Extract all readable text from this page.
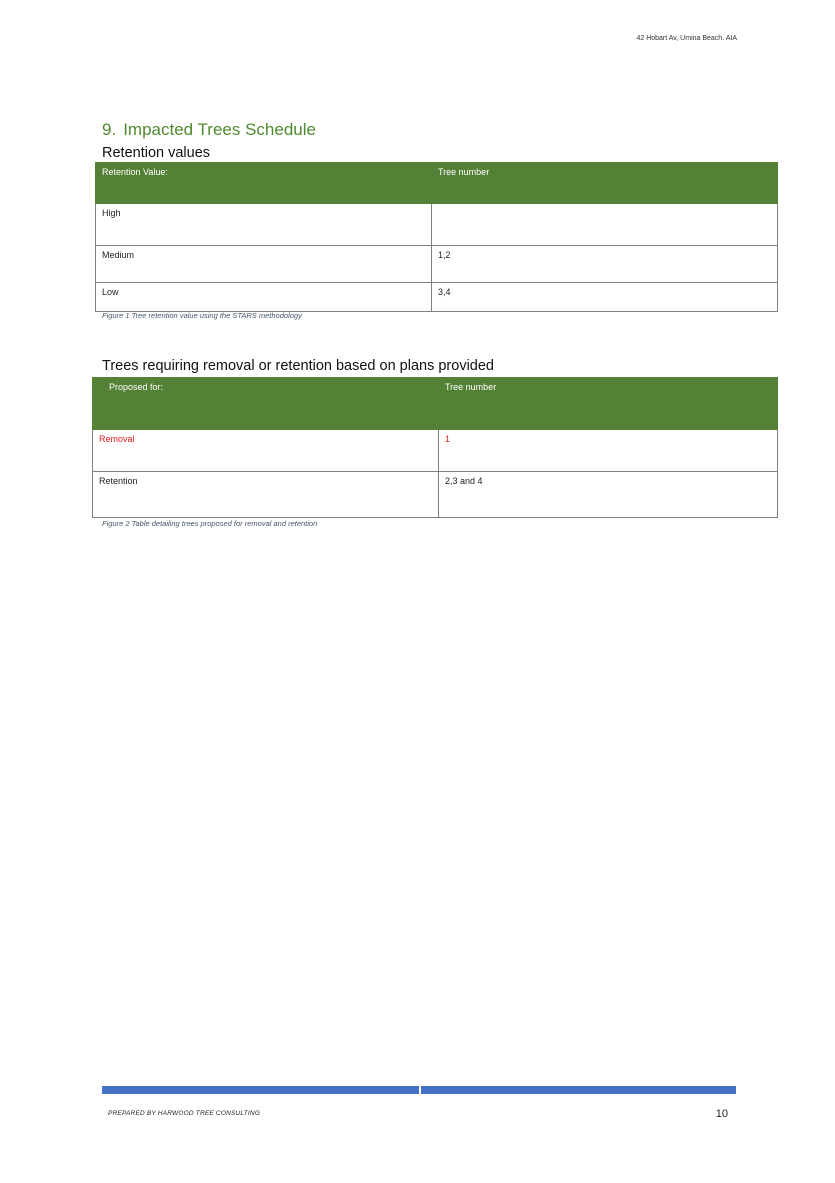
42 Hobart Av, Umina Beach. AIA
9. Impacted Trees Schedule
Retention values
Retention Value:	Tree number
High	
Medium	1,2
Low	3,4
Figure 1 Tree retention value using the STARS methodology
Trees requiring removal or retention based on plans provided
Proposed for:	Tree number
Removal	1
Retention	2,3 and 4
Figure 2 Table detailing trees proposed for removal and retention
PREPARED BY HARWOOD TREE CONSULTING	10
